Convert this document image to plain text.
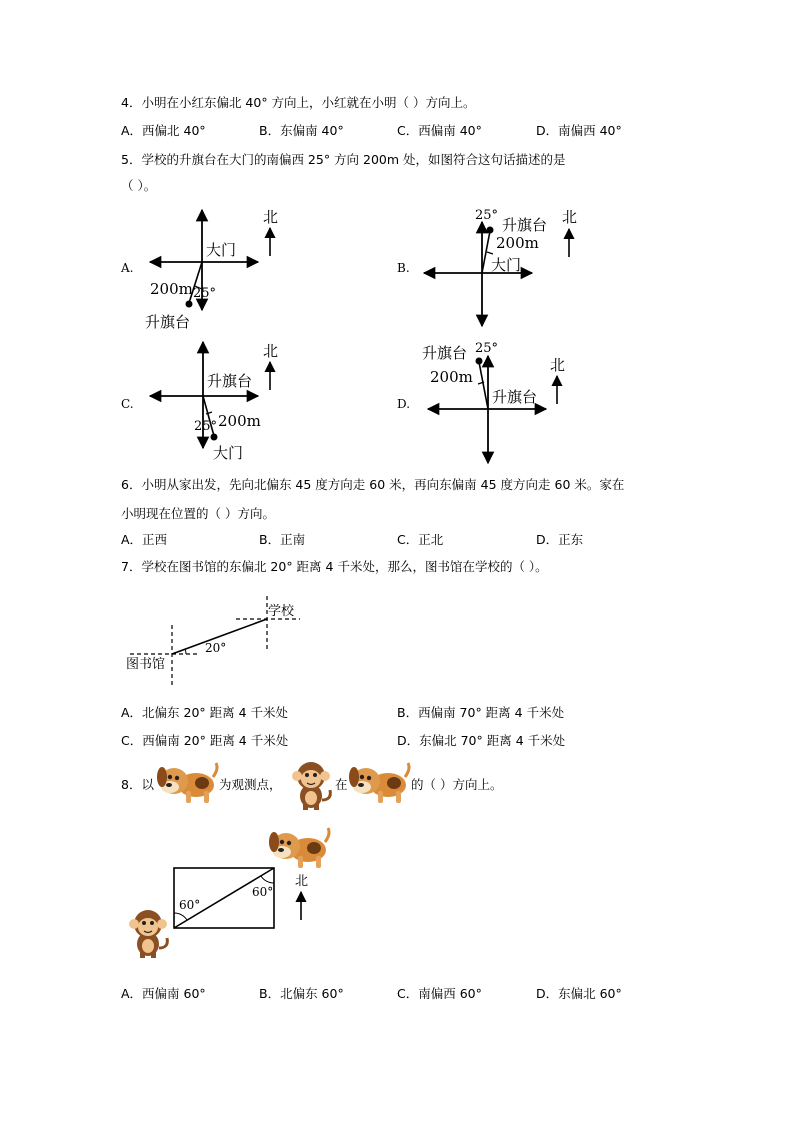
4．小明在小红东偏北 40° 方向上，小红就在小明（ ）方向上。
A．西偏北 40°	B．东偏南 40°	C．西偏南 40°	D．南偏西 40°
5．学校的升旗台在大门的南偏西 25° 方向 200m 处，如图符合这句话描述的是
（ ）。
A.
北
大门
200m 25°
升旗台
B.
北
25°
升旗台
200m
大门
C.
北
升旗台
200m
25°
大门
D.
北
升旗台 25°
200m
升旗台
6．小明从家出发，先向北偏东 45 度方向走 60 米，再向东偏南 45 度方向走 60 米。家在
小明现在位置的（ ）方向。
A．正西	B．正南	C．正北	D．正东
7．学校在图书馆的东偏北 20° 距离 4 千米处，那么，图书馆在学校的（ ）。
学校
图书馆
20°
A．北偏东 20° 距离 4 千米处	B．西偏南 70° 距离 4 千米处
C．西偏南 20° 距离 4 千米处	D．东偏北 70° 距离 4 千米处
8．以	为观测点，	在	的（ ）方向上。
60°
60°
北
A．西偏南 60°	B．北偏东 60°	C．南偏西 60°	D．东偏北 60°
